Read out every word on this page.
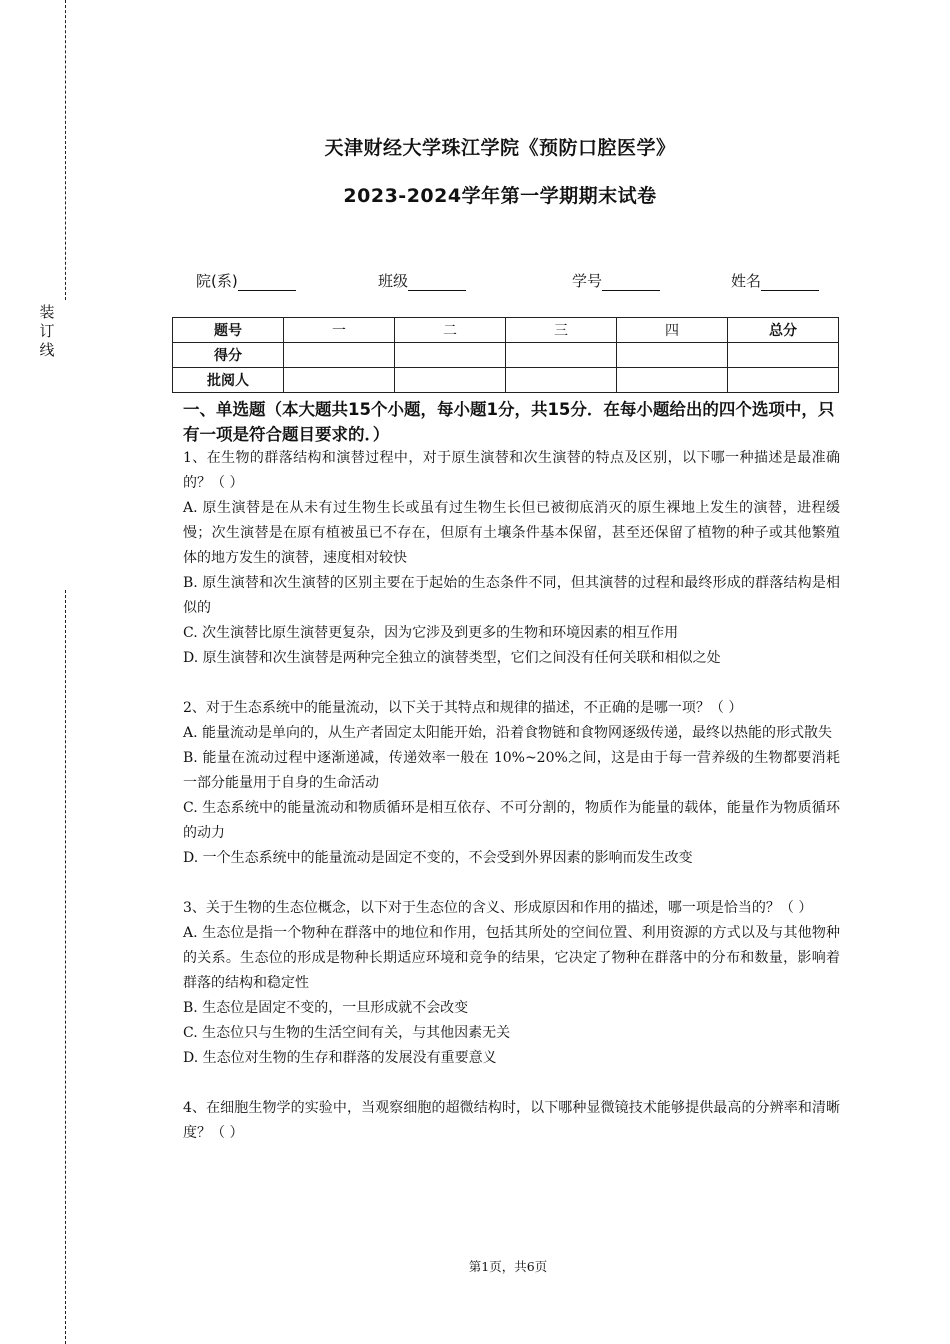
装订线
天津财经大学珠江学院《预防口腔医学》
2023-2024学年第一学期期末试卷
院(系)	班级	学号	姓名
题号	一	二	三	四	总分
得分					
批阅人					
一、单选题（本大题共15个小题，每小题1分，共15分．在每小题给出的四个选项中，只有一项是符合题目要求的．）

1、在生物的群落结构和演替过程中，对于原生演替和次生演替的特点及区别，以下哪一种描述是最准确的？（ ）

A. 原生演替是在从未有过生物生长或虽有过生物生长但已被彻底消灭的原生裸地上发生的演替，进程缓慢；次生演替是在原有植被虽已不存在，但原有土壤条件基本保留，甚至还保留了植物的种子或其他繁殖体的地方发生的演替，速度相对较快

B. 原生演替和次生演替的区别主要在于起始的生态条件不同，但其演替的过程和最终形成的群落结构是相似的

C. 次生演替比原生演替更复杂，因为它涉及到更多的生物和环境因素的相互作用

D. 原生演替和次生演替是两种完全独立的演替类型，它们之间没有任何关联和相似之处

2、对于生态系统中的能量流动，以下关于其特点和规律的描述，不正确的是哪一项？（ ）

A. 能量流动是单向的，从生产者固定太阳能开始，沿着食物链和食物网逐级传递，最终以热能的形式散失

B. 能量在流动过程中逐渐递减，传递效率一般在 10%~20%之间，这是由于每一营养级的生物都要消耗一部分能量用于自身的生命活动

C. 生态系统中的能量流动和物质循环是相互依存、不可分割的，物质作为能量的载体，能量作为物质循环的动力

D. 一个生态系统中的能量流动是固定不变的，不会受到外界因素的影响而发生改变

3、关于生物的生态位概念，以下对于生态位的含义、形成原因和作用的描述，哪一项是恰当的？（ ）

A. 生态位是指一个物种在群落中的地位和作用，包括其所处的空间位置、利用资源的方式以及与其他物种的关系。生态位的形成是物种长期适应环境和竞争的结果，它决定了物种在群落中的分布和数量，影响着群落的结构和稳定性

B. 生态位是固定不变的，一旦形成就不会改变

C. 生态位只与生物的生活空间有关，与其他因素无关

D. 生态位对生物的生存和群落的发展没有重要意义

4、在细胞生物学的实验中，当观察细胞的超微结构时，以下哪种显微镜技术能够提供最高的分辨率和清晰度？（ ）

第1页，共6页
